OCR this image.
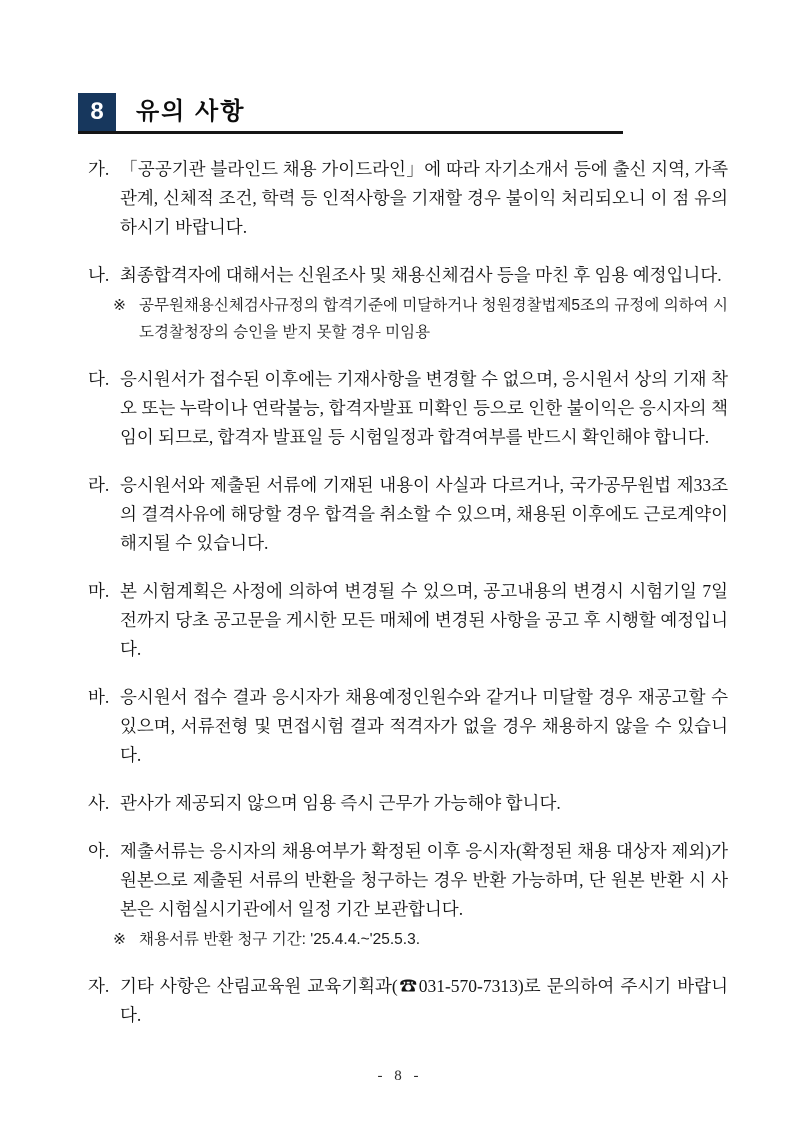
8	유의 사항
가. 「공공기관 블라인드 채용 가이드라인」에 따라 자기소개서 등에 출신 지역, 가족관계, 신체적 조건, 학력 등 인적사항을 기재할 경우 불이익 처리되오니 이 점 유의하시기 바랍니다.
나. 최종합격자에 대해서는 신원조사 및 채용신체검사 등을 마친 후 임용 예정입니다.
※ 공무원채용신체검사규정의 합격기준에 미달하거나 청원경찰법제5조의 규정에 의하여 시도경찰청장의 승인을 받지 못할 경우 미임용
다. 응시원서가 접수된 이후에는 기재사항을 변경할 수 없으며, 응시원서 상의 기재 착오 또는 누락이나 연락불능, 합격자발표 미확인 등으로 인한 불이익은 응시자의 책임이 되므로, 합격자 발표일 등 시험일정과 합격여부를 반드시 확인해야 합니다.
라. 응시원서와 제출된 서류에 기재된 내용이 사실과 다르거나, 국가공무원법 제33조의 결격사유에 해당할 경우 합격을 취소할 수 있으며, 채용된 이후에도 근로계약이 해지될 수 있습니다.
마. 본 시험계획은 사정에 의하여 변경될 수 있으며, 공고내용의 변경시 시험기일 7일 전까지 당초 공고문을 게시한 모든 매체에 변경된 사항을 공고 후 시행할 예정입니다.
바. 응시원서 접수 결과 응시자가 채용예정인원수와 같거나 미달할 경우 재공고할 수 있으며, 서류전형 및 면접시험 결과 적격자가 없을 경우 채용하지 않을 수 있습니다.
사. 관사가 제공되지 않으며 임용 즉시 근무가 가능해야 합니다.
아. 제출서류는 응시자의 채용여부가 확정된 이후 응시자(확정된 채용 대상자 제외)가 원본으로 제출된 서류의 반환을 청구하는 경우 반환 가능하며, 단 원본 반환 시 사본은 시험실시기관에서 일정 기간 보관합니다.
※ 채용서류 반환 청구 기간: '25.4.4.~'25.5.3.
자. 기타 사항은 산림교육원 교육기획과(☎031-570-7313)로 문의하여 주시기 바랍니다.
- 8 -
